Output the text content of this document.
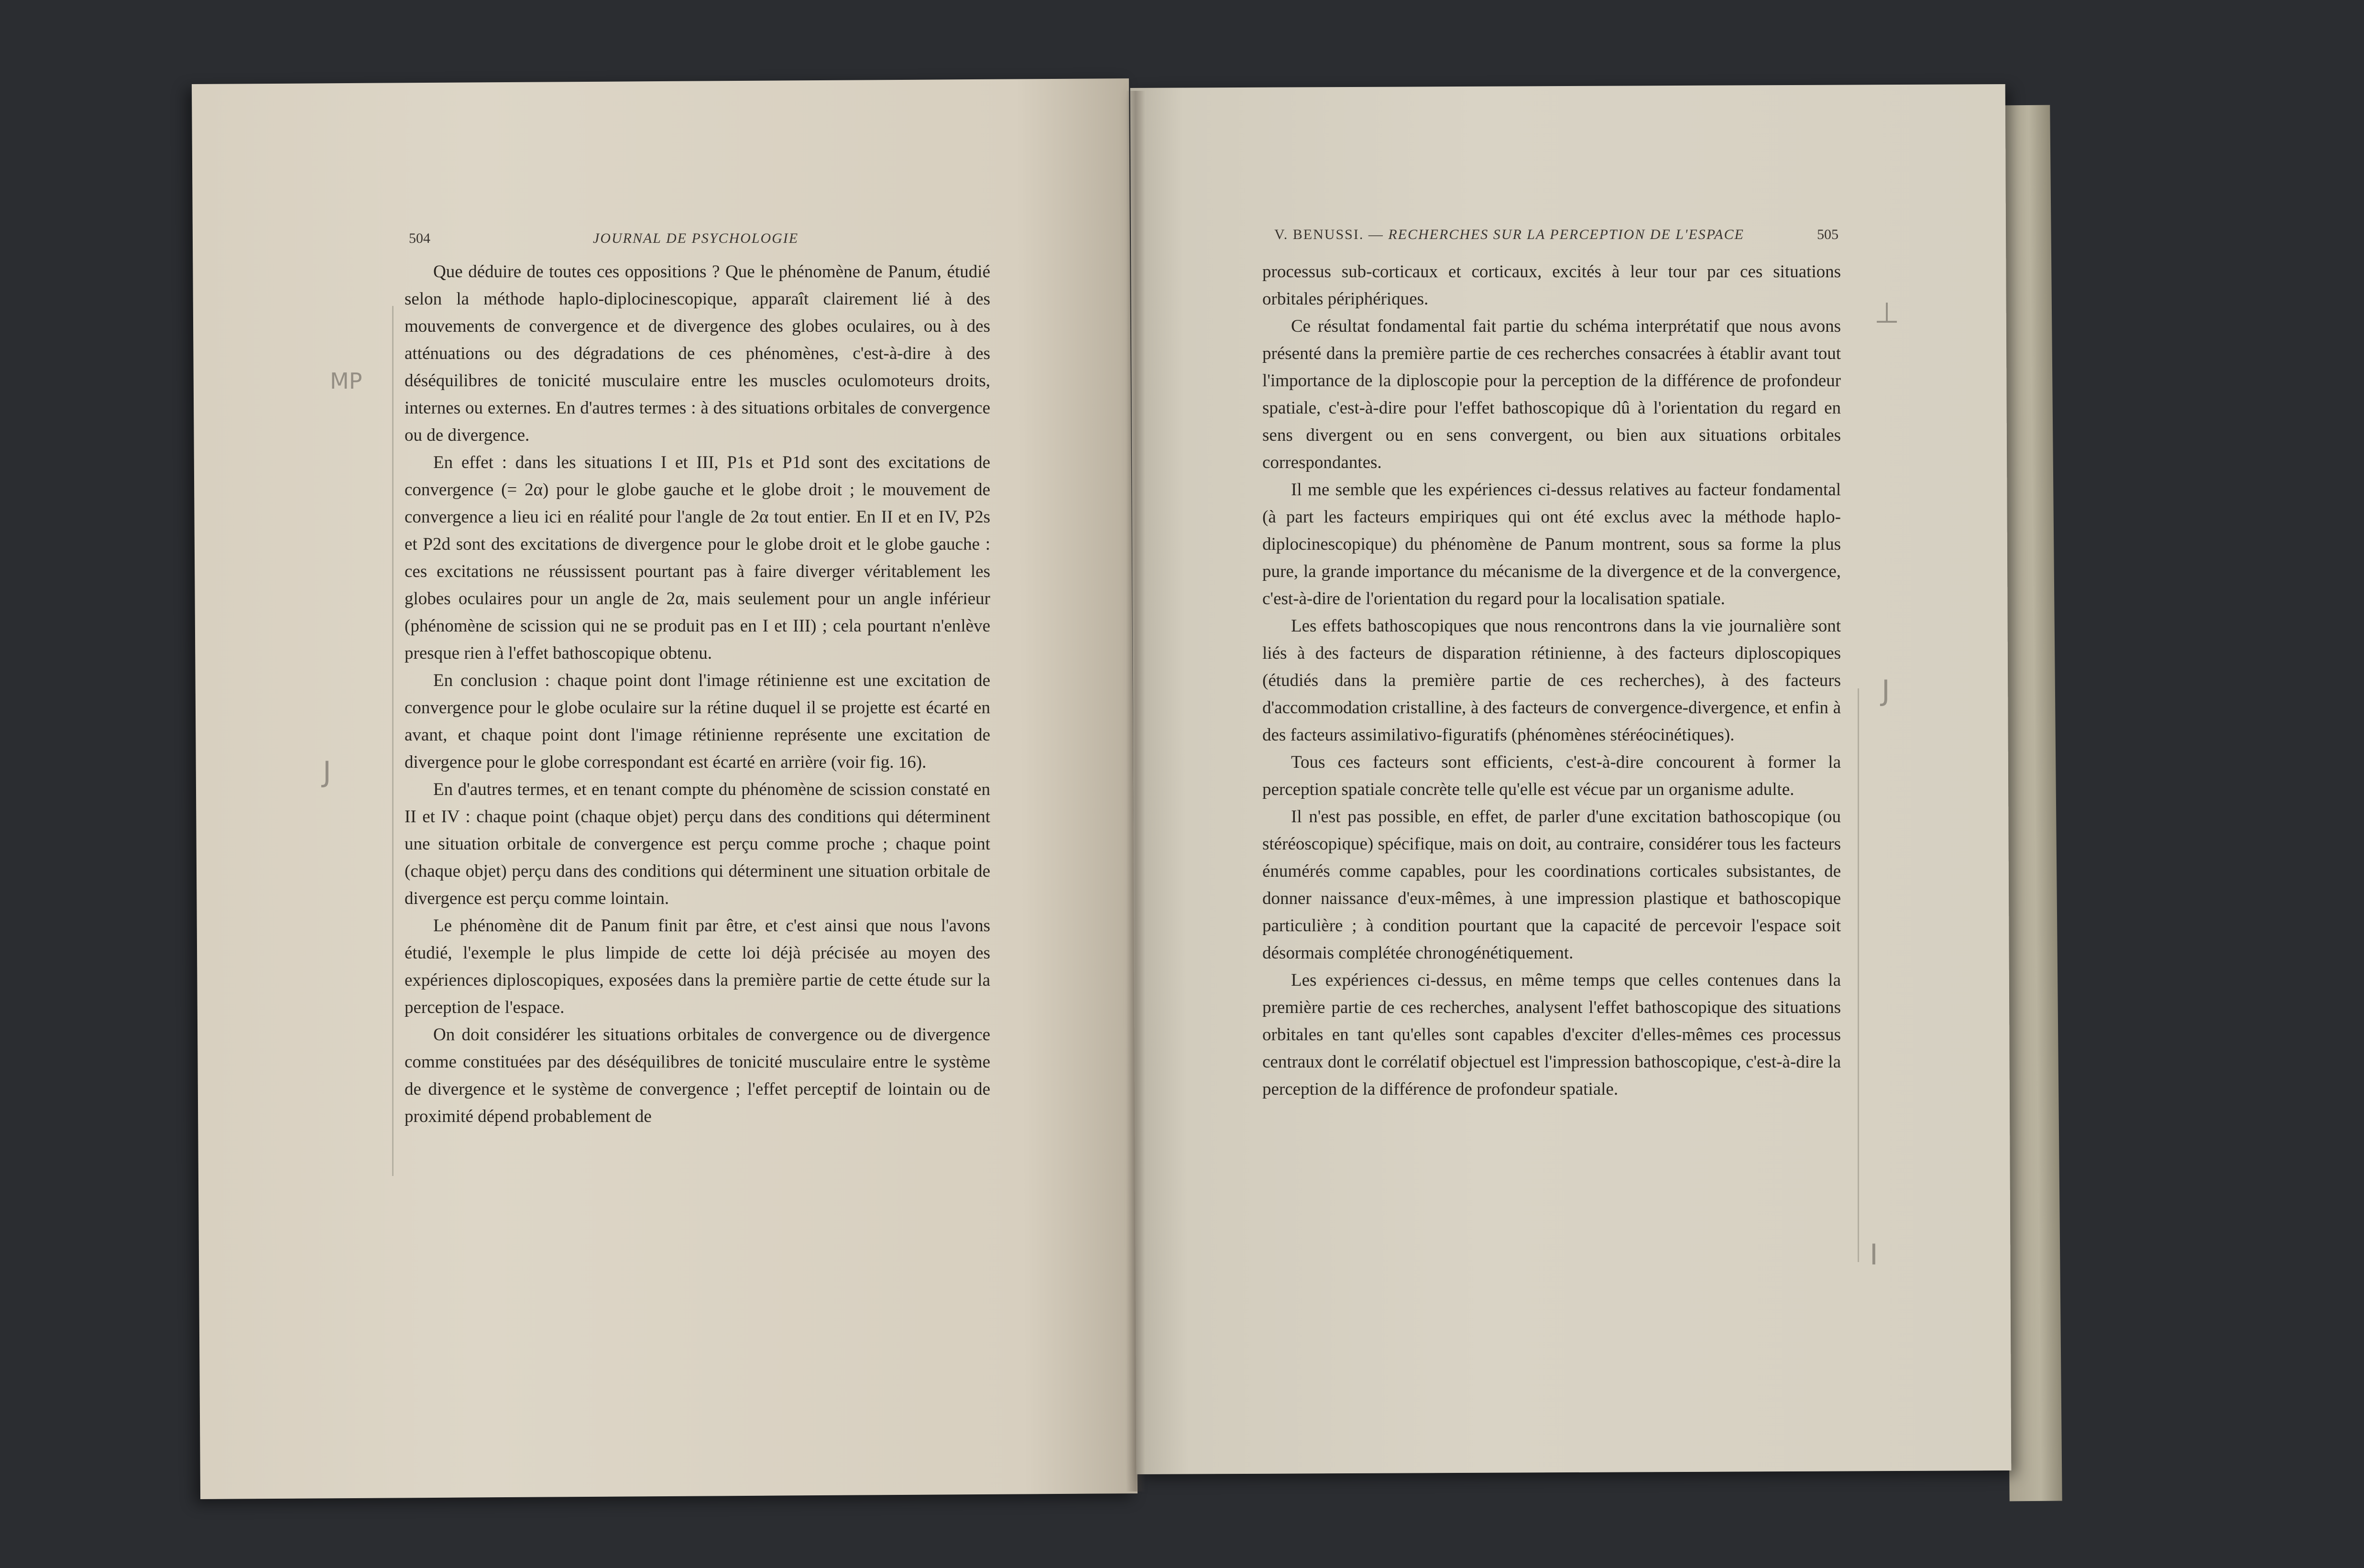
504	JOURNAL DE PSYCHOLOGIE	V. BENUSSI. — RECHERCHES SUR LA PERCEPTION DE L'ESPACE	505

Que déduire de toutes ces oppositions ? Que le phénomène de Panum, étudié selon la méthode haplo-diplocinescopique, apparaît clairement lié à des mouvements de convergence et de divergence des globes oculaires, ou à des atténuations ou des dégradations de ces phénomènes, c'est-à-dire à des déséquilibres de tonicité musculaire entre les muscles oculomoteurs droits, internes ou externes. En d'autres termes : à des situations orbitales de convergence ou de divergence.

En effet : dans les situations I et III, P1s et P1d sont des excitations de convergence (= 2α) pour le globe gauche et le globe droit ; le mouvement de convergence a lieu ici en réalité pour l'angle de 2α tout entier. En II et en IV, P2s et P2d sont des excitations de divergence pour le globe droit et le globe gauche : ces excitations ne réussissent pourtant pas à faire diverger véritablement les globes oculaires pour un angle de 2α, mais seulement pour un angle inférieur (phénomène de scission qui ne se produit pas en I et III) ; cela pourtant n'enlève presque rien à l'effet bathoscopique obtenu.

En conclusion : chaque point dont l'image rétinienne est une excitation de convergence pour le globe oculaire sur la rétine duquel il se projette est écarté en avant, et chaque point dont l'image rétinienne représente une excitation de divergence pour le globe correspondant est écarté en arrière (voir fig. 16).

En d'autres termes, et en tenant compte du phénomène de scission constaté en II et IV : chaque point (chaque objet) perçu dans des conditions qui déterminent une situation orbitale de convergence est perçu comme proche ; chaque point (chaque objet) perçu dans des conditions qui déterminent une situation orbitale de divergence est perçu comme lointain.

Le phénomène dit de Panum finit par être, et c'est ainsi que nous l'avons étudié, l'exemple le plus limpide de cette loi déjà précisée au moyen des expériences diploscopiques, exposées dans la première partie de cette étude sur la perception de l'espace.

On doit considérer les situations orbitales de convergence ou de divergence comme constituées par des déséquilibres de tonicité musculaire entre le système de divergence et le système de convergence ; l'effet perceptif de lointain ou de proximité dépend probablement de

processus sub-corticaux et corticaux, excités à leur tour par ces situations orbitales périphériques.

Ce résultat fondamental fait partie du schéma interprétatif que nous avons présenté dans la première partie de ces recherches consacrées à établir avant tout l'importance de la diploscopie pour la perception de la différence de profondeur spatiale, c'est-à-dire pour l'effet bathoscopique dû à l'orientation du regard en sens divergent ou en sens convergent, ou bien aux situations orbitales correspondantes.

Il me semble que les expériences ci-dessus relatives au facteur fondamental (à part les facteurs empiriques qui ont été exclus avec la méthode haplo-diplocinescopique) du phénomène de Panum montrent, sous sa forme la plus pure, la grande importance du mécanisme de la divergence et de la convergence, c'est-à-dire de l'orientation du regard pour la localisation spatiale.

Les effets bathoscopiques que nous rencontrons dans la vie journalière sont liés à des facteurs de disparation rétinienne, à des facteurs diploscopiques (étudiés dans la première partie de ces recherches), à des facteurs d'accommodation cristalline, à des facteurs de convergence-divergence, et enfin à des facteurs assimilativo-figuratifs (phénomènes stéréocinétiques).

Tous ces facteurs sont efficients, c'est-à-dire concourent à former la perception spatiale concrète telle qu'elle est vécue par un organisme adulte.

Il n'est pas possible, en effet, de parler d'une excitation bathoscopique (ou stéréoscopique) spécifique, mais on doit, au contraire, considérer tous les facteurs énumérés comme capables, pour les coordinations corticales subsistantes, de donner naissance d'eux-mêmes, à une impression plastique et bathoscopique particulière ; à condition pourtant que la capacité de percevoir l'espace soit désormais complétée chronogénétiquement.

Les expériences ci-dessus, en même temps que celles contenues dans la première partie de ces recherches, analysent l'effet bathoscopique des situations orbitales en tant qu'elles sont capables d'exciter d'elles-mêmes ces processus centraux dont le corrélatif objectuel est l'impression bathoscopique, c'est-à-dire la perception de la différence de profondeur spatiale.

MP
J
⊥
J
I
